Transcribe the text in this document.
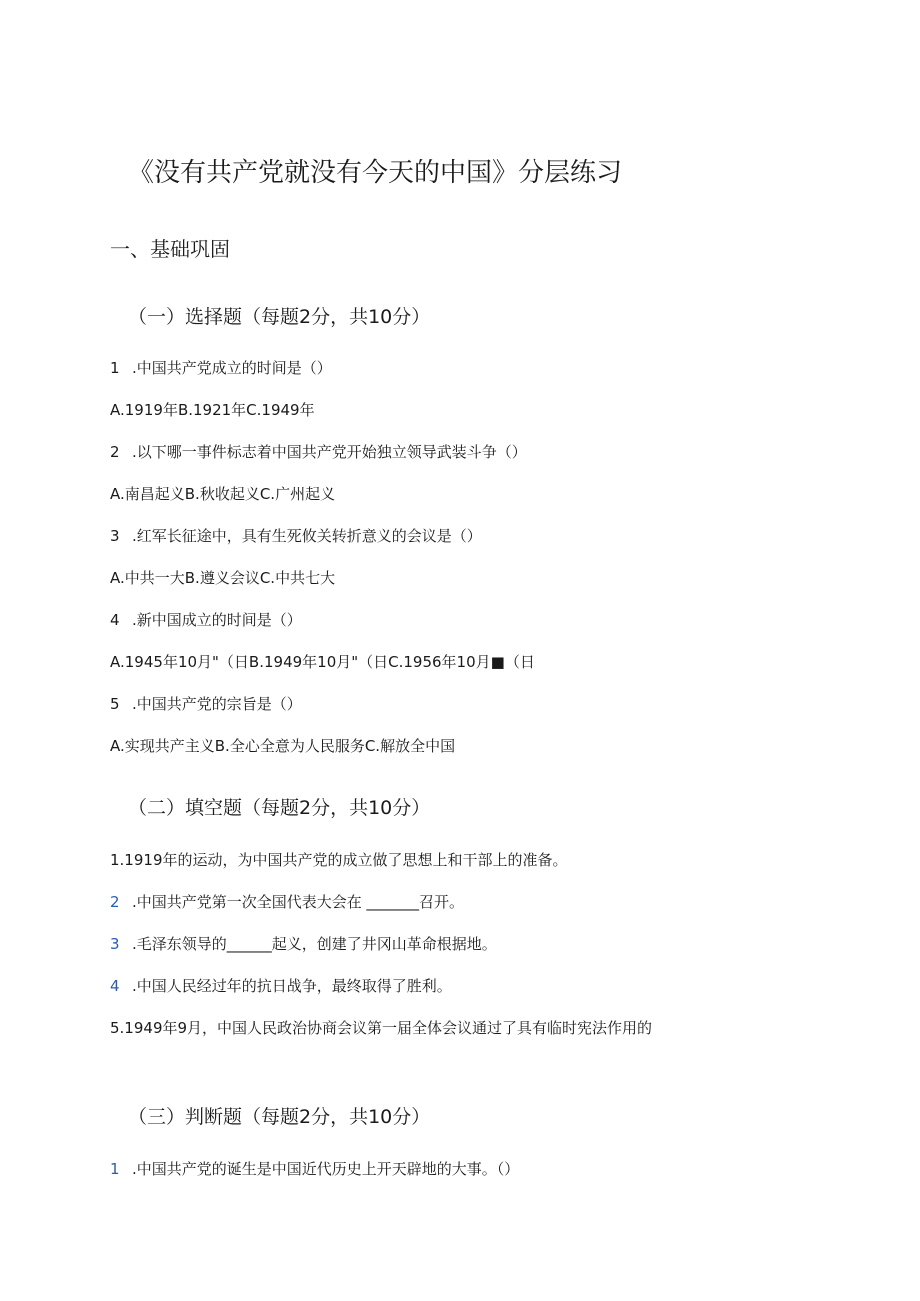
《没有共产党就没有今天的中国》分层练习
一、基础巩固
（一）选择题（每题2分，共10分）
1 .中国共产党成立的时间是（）
A.1919年B.1921年C.1949年
2 .以下哪一事件标志着中国共产党开始独立领导武装斗争（）
A.南昌起义B.秋收起义C.广州起义
3 .红军长征途中，具有生死攸关转折意义的会议是（）
A.中共一大B.遵义会议C.中共七大
4 .新中国成立的时间是（）
A.1945年10月"（日B.1949年10月"（日C.1956年10月■（日
5 .中国共产党的宗旨是（）
A.实现共产主义B.全心全意为人民服务C.解放全中国
（二）填空题（每题2分，共10分）
1.1919年的运动，为中国共产党的成立做了思想上和干部上的准备。
2 .中国共产党第一次全国代表大会在 _______召开。
3 .毛泽东领导的______起义，创建了井冈山革命根据地。
4 .中国人民经过年的抗日战争，最终取得了胜利。
5.1949年9月，中国人民政治协商会议第一届全体会议通过了具有临时宪法作用的
（三）判断题（每题2分，共10分）
1 .中国共产党的诞生是中国近代历史上开天辟地的大事。（）
